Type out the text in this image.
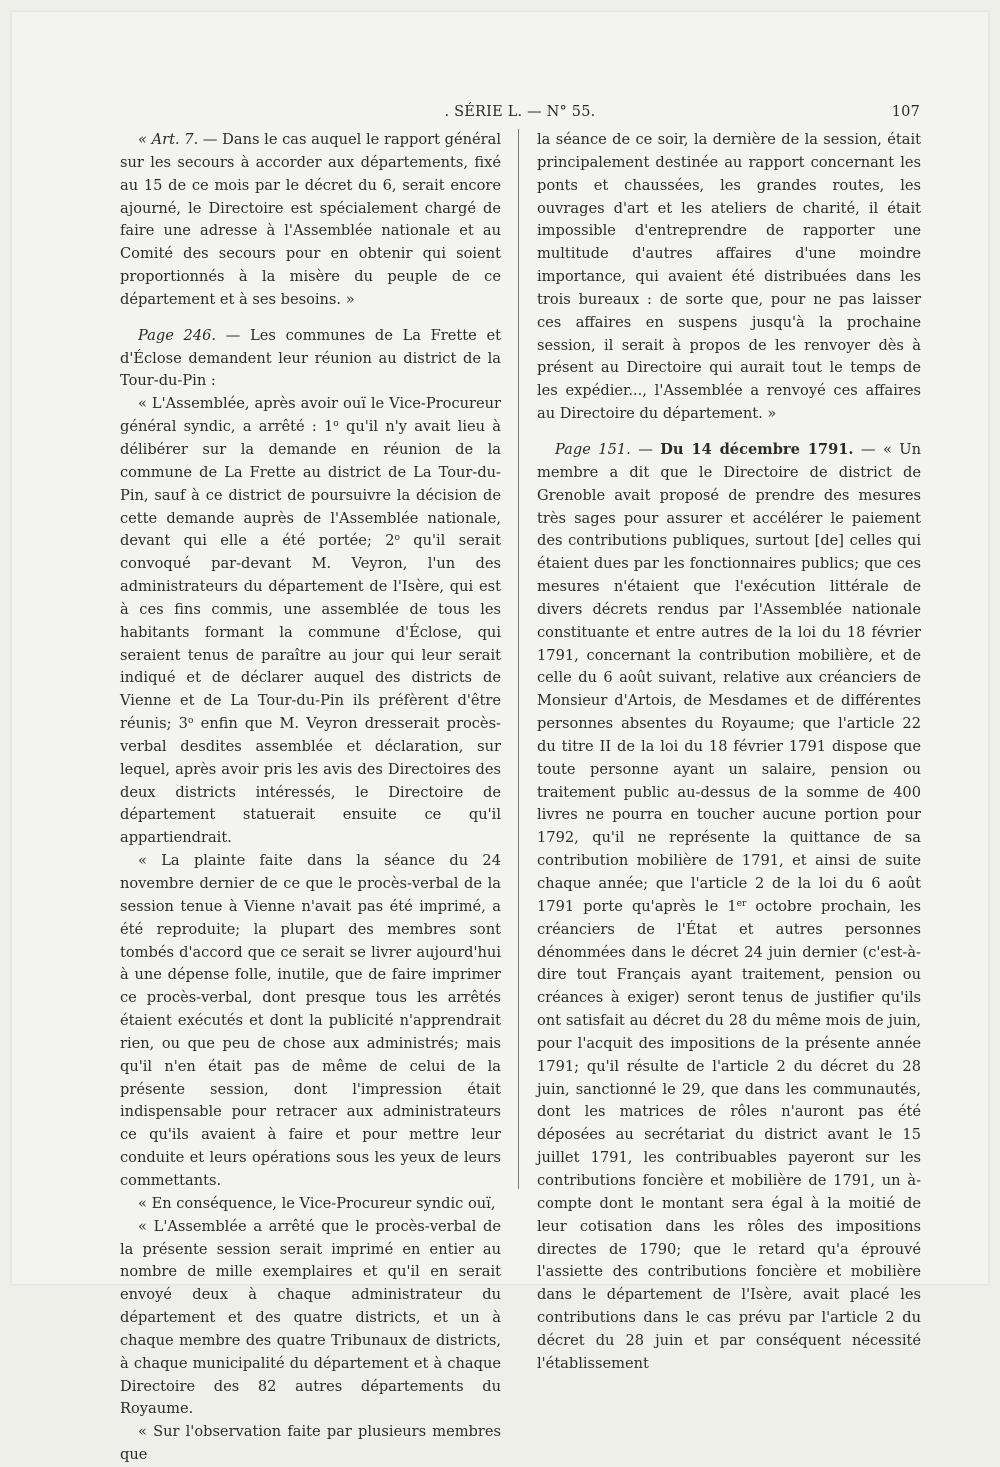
. SÉRIE L. — N° 55.	107

« Art. 7. — Dans le cas auquel le rapport général sur les secours à accorder aux départements, fixé au 15 de ce mois par le décret du 6, serait encore ajourné, le Directoire est spécialement chargé de faire une adresse à l'Assemblée nationale et au Comité des secours pour en obtenir qui soient proportionnés à la misère du peuple de ce département et à ses besoins. »

Page 246. — Les communes de La Frette et d'Éclose demandent leur réunion au district de la Tour-du-Pin :

« L'Assemblée, après avoir ouï le Vice-Procureur général syndic, a arrêté : 1$^o$ qu'il n'y avait lieu à délibérer sur la demande en réunion de la commune de La Frette au district de La Tour-du-Pin, sauf à ce district de poursuivre la décision de cette demande auprès de l'Assemblée nationale, devant qui elle a été portée; 2$^o$ qu'il serait convoqué par-devant M. Veyron, l'un des administrateurs du département de l'Isère, qui est à ces fins commis, une assemblée de tous les habitants formant la commune d'Éclose, qui seraient tenus de paraître au jour qui leur serait indiqué et de déclarer auquel des districts de Vienne et de La Tour-du-Pin ils préfèrent d'être réunis; 3$^o$ enfin que M. Veyron dresserait procès-verbal desdites assemblée et déclaration, sur lequel, après avoir pris les avis des Directoires des deux districts intéressés, le Directoire de département statuerait ensuite ce qu'il appartiendrait.

« La plainte faite dans la séance du 24 novembre dernier de ce que le procès-verbal de la session tenue à Vienne n'avait pas été imprimé, a été reproduite; la plupart des membres sont tombés d'accord que ce serait se livrer aujourd'hui à une dépense folle, inutile, que de faire imprimer ce procès-verbal, dont presque tous les arrêtés étaient exécutés et dont la publicité n'apprendrait rien, ou que peu de chose aux administrés; mais qu'il n'en était pas de même de celui de la présente session, dont l'impression était indispensable pour retracer aux administrateurs ce qu'ils avaient à faire et pour mettre leur conduite et leurs opérations sous les yeux de leurs commettants.

« En conséquence, le Vice-Procureur syndic ouï,

« L'Assemblée a arrêté que le procès-verbal de la présente session serait imprimé en entier au nombre de mille exemplaires et qu'il en serait envoyé deux à chaque administrateur du département et des quatre districts, et un à chaque membre des quatre Tribunaux de districts, à chaque municipalité du département et à chaque Directoire des 82 autres départements du Royaume.

« Sur l'observation faite par plusieurs membres que

la séance de ce soir, la dernière de la session, était principalement destinée au rapport concernant les ponts et chaussées, les grandes routes, les ouvrages d'art et les ateliers de charité, il était impossible d'entreprendre de rapporter une multitude d'autres affaires d'une moindre importance, qui avaient été distribuées dans les trois bureaux : de sorte que, pour ne pas laisser ces affaires en suspens jusqu'à la prochaine session, il serait à propos de les renvoyer dès à présent au Directoire qui aurait tout le temps de les expédier..., l'Assemblée a renvoyé ces affaires au Directoire du département. »

Page 151. — Du 14 décembre 1791. — « Un membre a dit que le Directoire de district de Grenoble avait proposé de prendre des mesures très sages pour assurer et accélérer le paiement des contributions publiques, surtout [de] celles qui étaient dues par les fonctionnaires publics; que ces mesures n'étaient que l'exécution littérale de divers décrets rendus par l'Assemblée nationale constituante et entre autres de la loi du 18 février 1791, concernant la contribution mobilière, et de celle du 6 août suivant, relative aux créanciers de Monsieur d'Artois, de Mesdames et de différentes personnes absentes du Royaume; que l'article 22 du titre II de la loi du 18 février 1791 dispose que toute personne ayant un salaire, pension ou traitement public au-dessus de la somme de 400 livres ne pourra en toucher aucune portion pour 1792, qu'il ne représente la quittance de sa contribution mobilière de 1791, et ainsi de suite chaque année; que l'article 2 de la loi du 6 août 1791 porte qu'après le 1er octobre prochain, les créanciers de l'État et autres personnes dénommées dans le décret 24 juin dernier (c'est-à-dire tout Français ayant traitement, pension ou créances à exiger) seront tenus de justifier qu'ils ont satisfait au décret du 28 du même mois de juin, pour l'acquit des impositions de la présente année 1791; qu'il résulte de l'article 2 du décret du 28 juin, sanctionné le 29, que dans les communautés, dont les matrices de rôles n'auront pas été déposées au secrétariat du district avant le 15 juillet 1791, les contribuables payeront sur les contributions foncière et mobilière de 1791, un à-compte dont le montant sera égal à la moitié de leur cotisation dans les rôles des impositions directes de 1790; que le retard qu'a éprouvé l'assiette des contributions foncière et mobilière dans le département de l'Isère, avait placé les contributions dans le cas prévu par l'article 2 du décret du 28 juin et par conséquent nécessité l'établissement
